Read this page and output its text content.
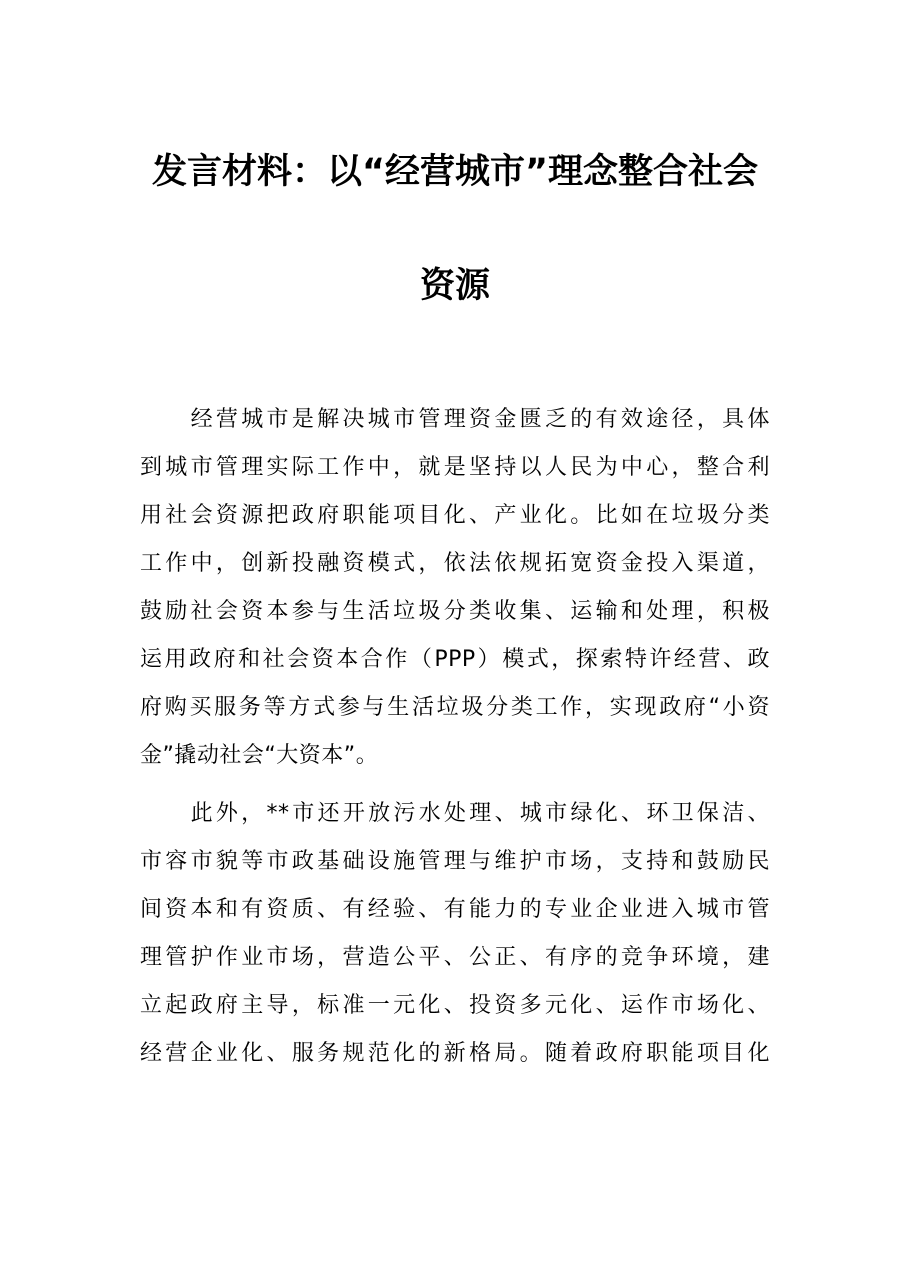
发言材料：以“经营城市”理念整合社会
资源
　　经营城市是解决城市管理资金匮乏的有效途径，具体
到城市管理实际工作中，就是坚持以人民为中心，整合利
用社会资源把政府职能项目化、产业化。比如在垃圾分类
工作中，创新投融资模式，依法依规拓宽资金投入渠道，
鼓励社会资本参与生活垃圾分类收集、运输和处理，积极
运用政府和社会资本合作（PPP）模式，探索特许经营、政
府购买服务等方式参与生活垃圾分类工作，实现政府“小资
金”撬动社会“大资本”。
　　此外，**市还开放污水处理、城市绿化、环卫保洁、
市容市貌等市政基础设施管理与维护市场，支持和鼓励民
间资本和有资质、有经验、有能力的专业企业进入城市管
理管护作业市场，营造公平、公正、有序的竞争环境，建
立起政府主导，标准一元化、投资多元化、运作市场化、
经营企业化、服务规范化的新格局。随着政府职能项目化
